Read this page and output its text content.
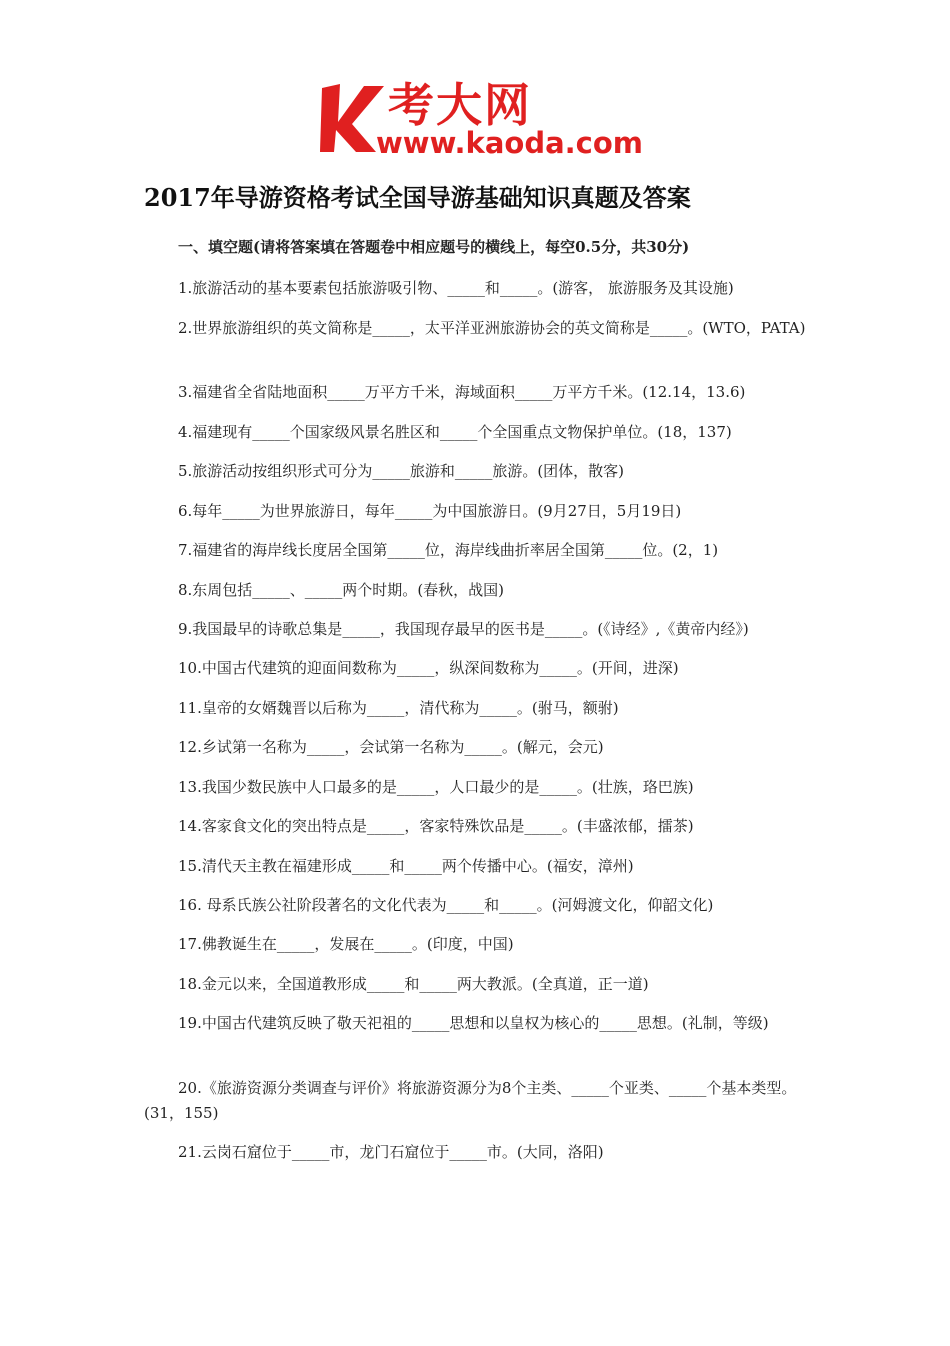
考大网
www.kaoda.com
2017年导游资格考试全国导游基础知识真题及答案
一、填空题(请将答案填在答题卷中相应题号的横线上，每空0.5分，共30分)
1.旅游活动的基本要素包括旅游吸引物、_____和_____。(游客， 旅游服务及其设施)
2.世界旅游组织的英文简称是_____，太平洋亚洲旅游协会的英文简称是_____。(WTO，PATA)
3.福建省全省陆地面积_____万平方千米，海域面积_____万平方千米。(12.14，13.6)
4.福建现有_____个国家级风景名胜区和_____个全国重点文物保护单位。(18，137)
5.旅游活动按组织形式可分为_____旅游和_____旅游。(团体，散客)
6.每年_____为世界旅游日，每年_____为中国旅游日。(9月27日，5月19日)
7.福建省的海岸线长度居全国第_____位，海岸线曲折率居全国第_____位。(2，1)
8.东周包括_____、_____两个时期。(春秋，战国)
9.我国最早的诗歌总集是_____，我国现存最早的医书是_____。(《诗经》,《黄帝内经》)
10.中国古代建筑的迎面间数称为_____，纵深间数称为_____。(开间，进深)
11.皇帝的女婿魏晋以后称为_____，清代称为_____。(驸马，额驸)
12.乡试第一名称为_____，会试第一名称为_____。(解元，会元)
13.我国少数民族中人口最多的是_____，人口最少的是_____。(壮族，珞巴族)
14.客家食文化的突出特点是_____，客家特殊饮品是_____。(丰盛浓郁，擂茶)
15.清代天主教在福建形成_____和_____两个传播中心。(福安，漳州)
16. 母系氏族公社阶段著名的文化代表为_____和_____。(河姆渡文化，仰韶文化)
17.佛教诞生在_____，发展在_____。(印度，中国)
18.金元以来，全国道教形成_____和_____两大教派。(全真道，正一道)
19.中国古代建筑反映了敬天祀祖的_____思想和以皇权为核心的_____思想。(礼制，等级)
20.《旅游资源分类调查与评价》将旅游资源分为8个主类、_____个亚类、_____个基本类型。(31，155)
21.云岗石窟位于_____市，龙门石窟位于_____市。(大同，洛阳)
